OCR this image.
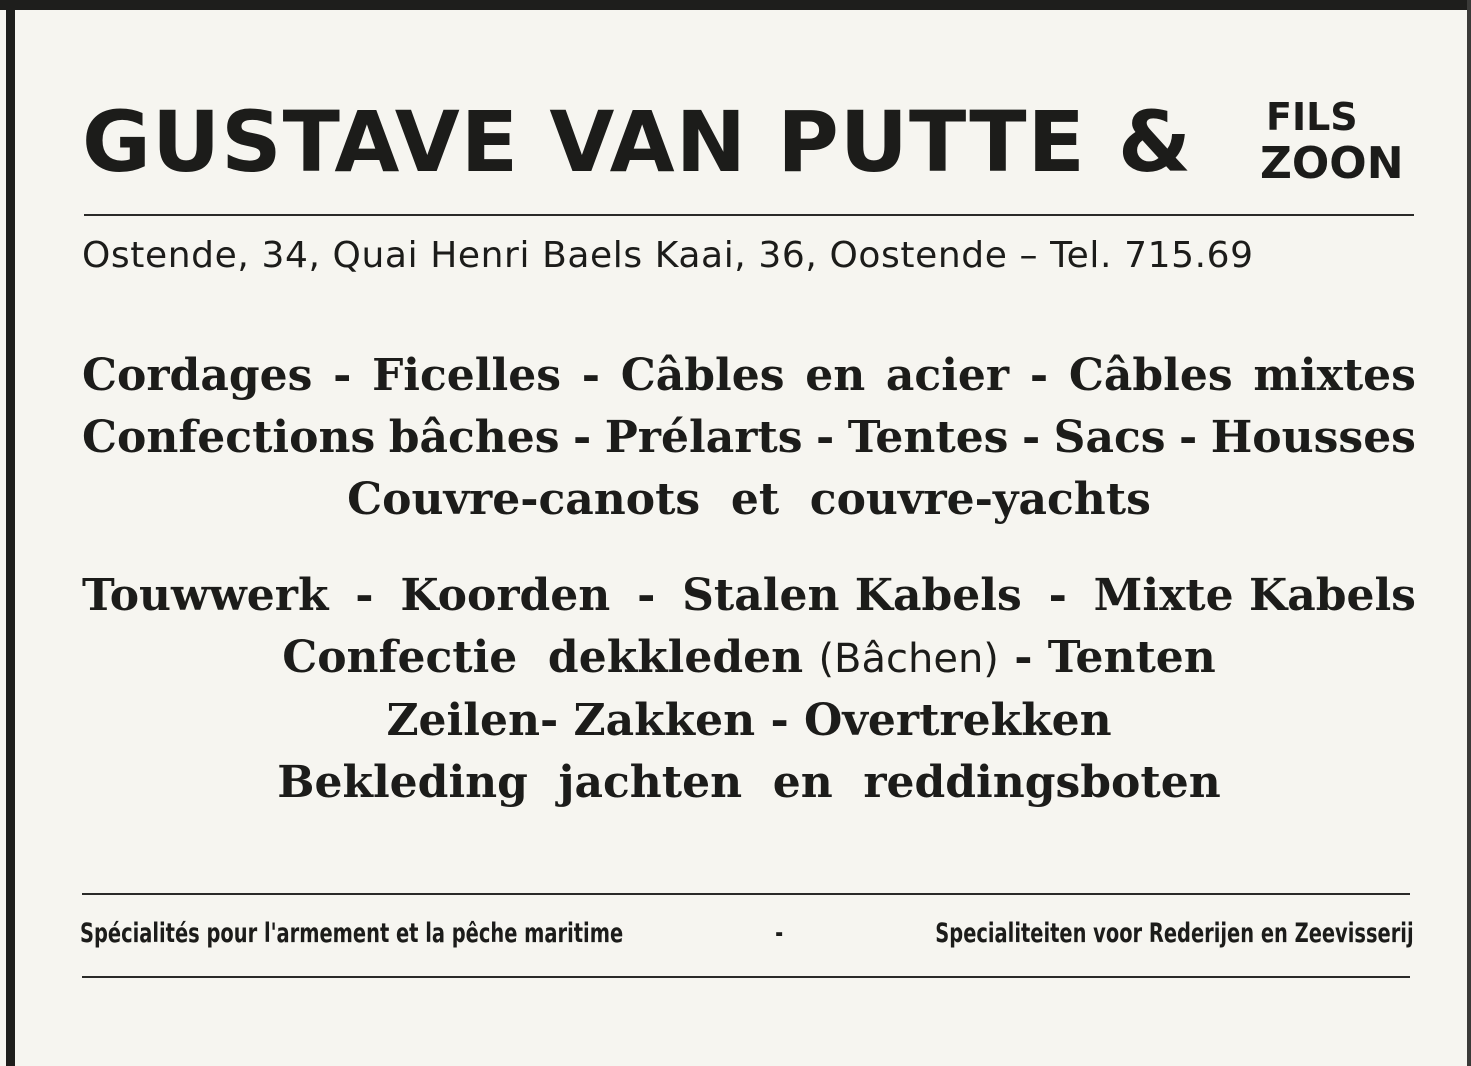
GUSTAVE VAN PUTTE & FILS
ZOON
Ostende, 34, Quai Henri Baels Kaai, 36, Oostende – Tel. 715.69
Cordages - Ficelles - Câbles en acier - Câbles mixtes
Confections bâches - Prélarts - Tentes - Sacs - Housses
Couvre-canots  et  couvre-yachts
Touwwerk - Koorden - Stalen Kabels - Mixte Kabels
Confectie  dekkleden (Bâchen) - Tenten
Zeilen- Zakken - Overtrekken
Bekleding  jachten  en  reddingsboten
Spécialités pour l'armement et la pêche maritime	-	Specialiteiten voor Rederijen en Zeevisserij
